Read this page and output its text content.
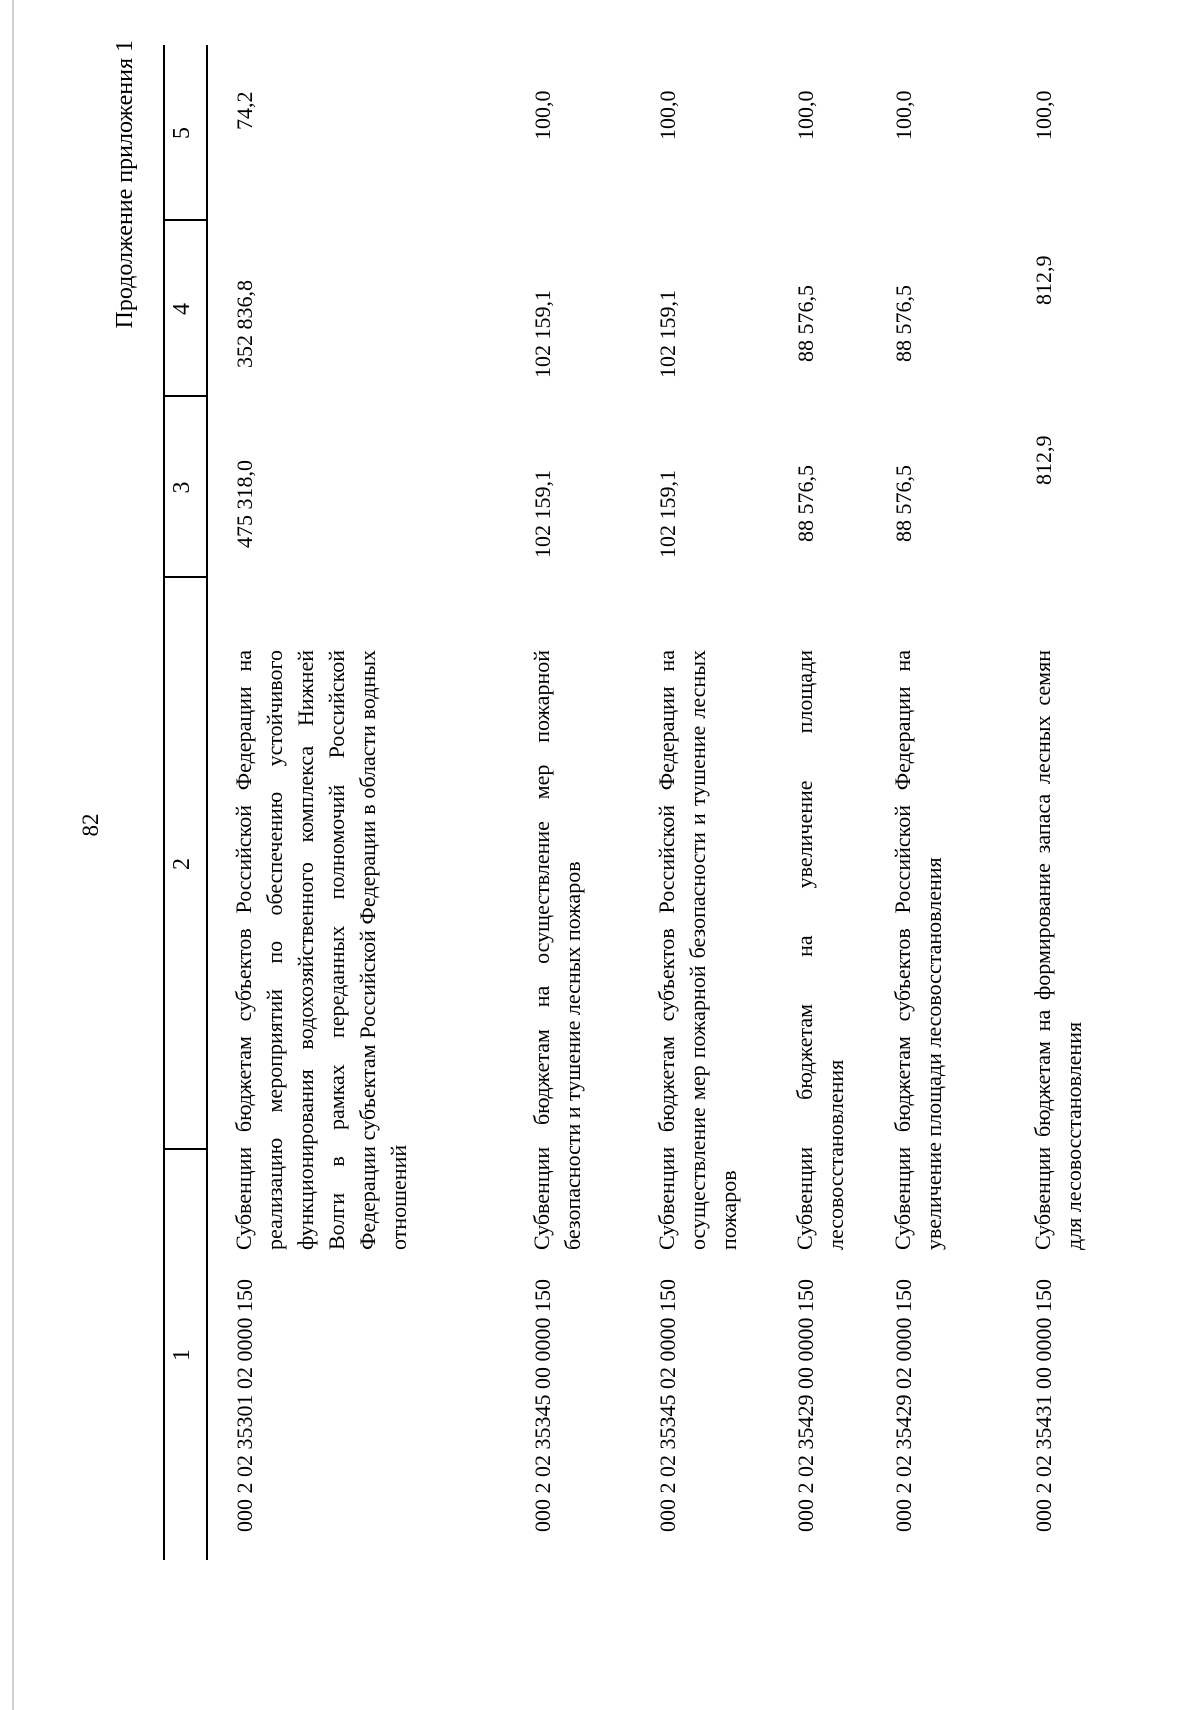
82
Продолжение приложения 1
1
2
3
4
5
000 2 02 35301 02 0000 150
Субвенции бюджетам субъектов Российской Федерации на реализацию мероприятий по обеспечению устойчивого функционирования водохозяйственного комплекса Нижней Волги в рамках переданных полномочий Российской Федерации субъектам Российской Федерации в области водных отношений
475 318,0
352 836,8
74,2
000 2 02 35345 00 0000 150
Субвенции бюджетам на осуществление мер пожарной безопасности и тушение лесных пожаров
102 159,1
102 159,1
100,0
000 2 02 35345 02 0000 150
Субвенции бюджетам субъектов Российской Федерации на осуществление мер пожарной безопасности и тушение лесных пожаров
102 159,1
102 159,1
100,0
000 2 02 35429 00 0000 150
Субвенции бюджетам на увеличение площади лесовосстановления
88 576,5
88 576,5
100,0
000 2 02 35429 02 0000 150
Субвенции бюджетам субъектов Российской Федерации на увеличение площади лесовосстановления
88 576,5
88 576,5
100,0
000 2 02 35431 00 0000 150
Субвенции бюджетам на формирование запаса лесных семян для лесовосстановления
812,9
812,9
100,0
